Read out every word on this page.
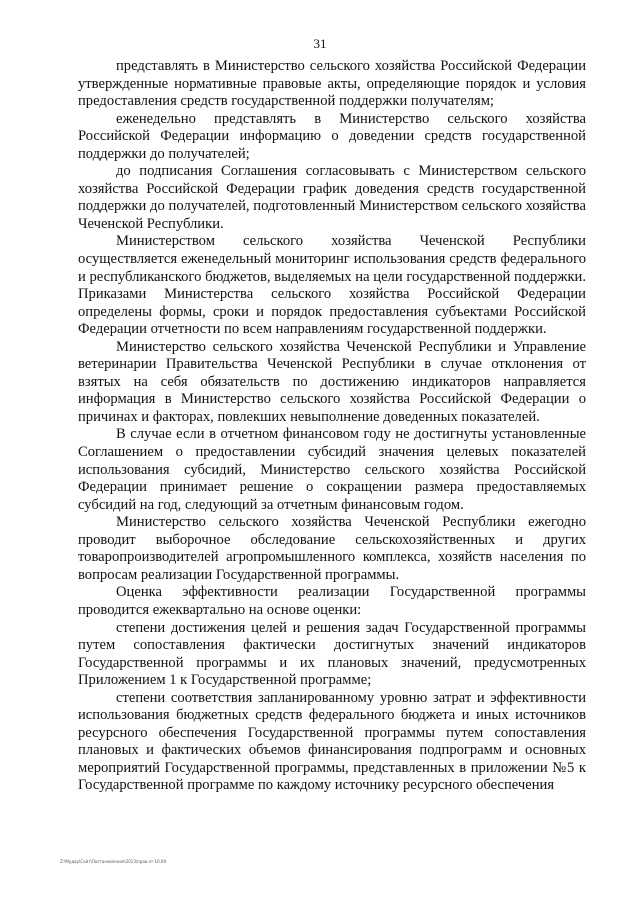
31

представлять в Министерство сельского хозяйства Российской Федерации утвержденные нормативные правовые акты, определяющие порядок и условия предоставления средств государственной поддержки получателям;

еженедельно представлять в Министерство сельского хозяйства Российской Федерации информацию о доведении средств государственной поддержки до получателей;

до подписания Соглашения согласовывать с Министерством сельского хозяйства Российской Федерации график доведения средств государственной поддержки до получателей, подготовленный Министерством сельского хозяйства Чеченской Республики.

Министерством сельского хозяйства Чеченской Республики осуществляется еженедельный мониторинг использования средств федерального и республиканского бюджетов, выделяемых на цели государственной поддержки. Приказами Министерства сельского хозяйства Российской Федерации определены формы, сроки и порядок предоставления субъектами Российской Федерации отчетности по всем направлениям государственной поддержки.

Министерство сельского хозяйства Чеченской Республики и Управление ветеринарии Правительства Чеченской Республики в случае отклонения от взятых на себя обязательств по достижению индикаторов направляется информация в Министерство сельского хозяйства Российской Федерации о причинах и факторах, повлекших невыполнение доведенных показателей.

В случае если в отчетном финансовом году не достигнуты установленные Соглашением о предоставлении субсидий значения целевых показателей использования субсидий, Министерство сельского хозяйства Российской Федерации принимает решение о сокращении размера предоставляемых субсидий на год, следующий за отчетным финансовым годом.

Министерство сельского хозяйства Чеченской Республики ежегодно проводит выборочное обследование сельскохозяйственных и других товаропроизводителей агропромышленного комплекса, хозяйств населения по вопросам реализации Государственной программы.

Оценка эффективности реализации Государственной программы проводится ежеквартально на основе оценки:

степени достижения целей и решения задач Государственной программы путем сопоставления фактически достигнутых значений индикаторов Государственной программы и их плановых значений, предусмотренных Приложением 1 к Государственной программе;

степени соответствия запланированному уровню затрат и эффективности использования бюджетных средств федерального бюджета и иных источников ресурсного обеспечения Государственной программы путем сопоставления плановых и фактических объемов финансирования подпрограмм и основных мероприятий Государственной программы, представленных в приложении №5 к Государственной программе по каждому источнику ресурсного обеспечения

Z:\Мудар\Сайт\Постановления\2013\прав от 10.09
